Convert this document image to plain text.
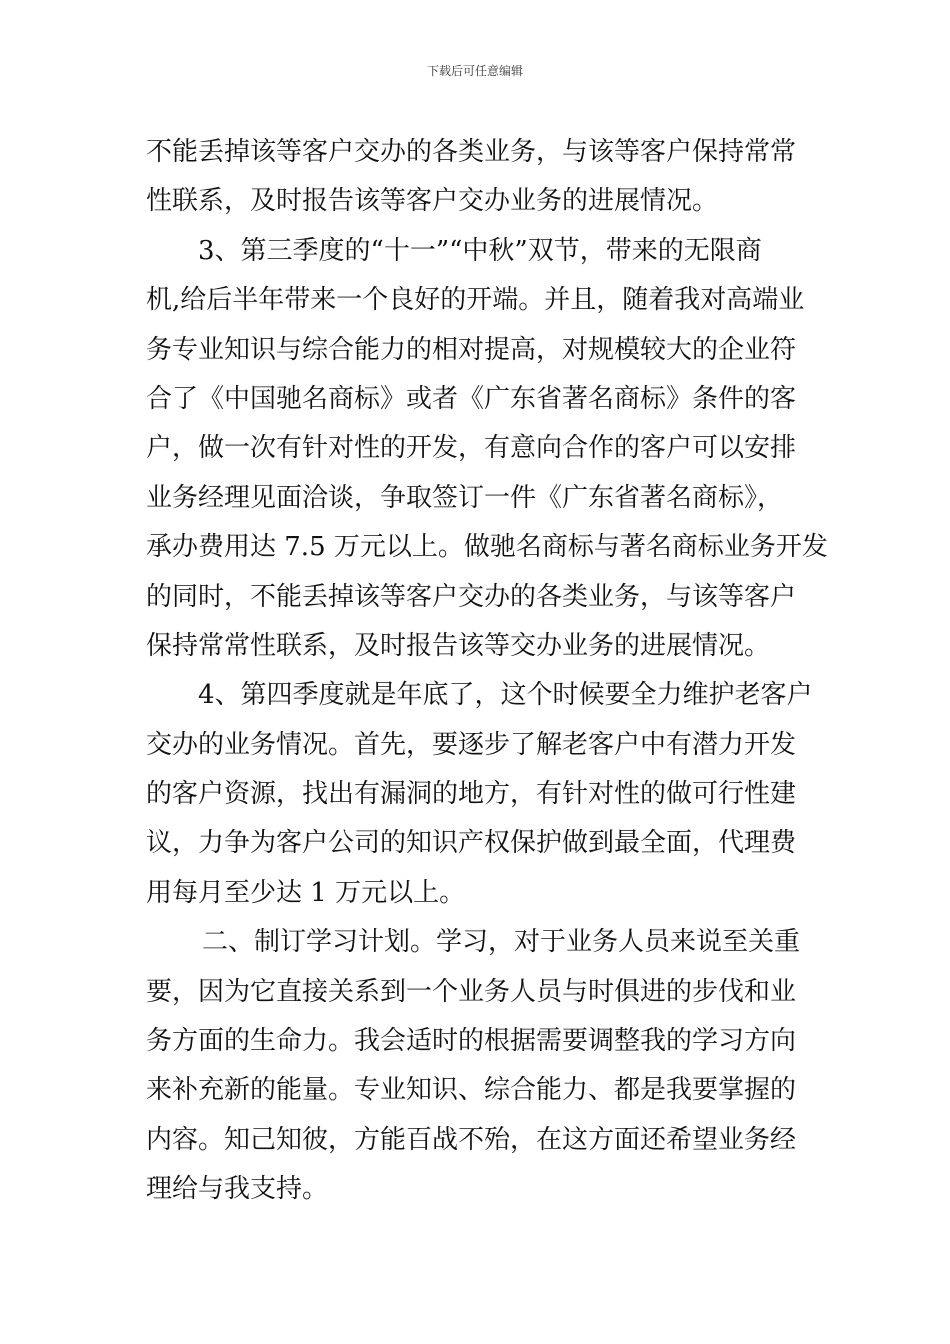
下载后可任意编辑
不能丢掉该等客户交办的各类业务，与该等客户保持常常
性联系，及时报告该等客户交办业务的进展情况。
3、第三季度的“十一”“中秋”双节，带来的无限商
机,给后半年带来一个良好的开端。并且，随着我对高端业
务专业知识与综合能力的相对提高，对规模较大的企业符
合了《中国驰名商标》或者《广东省著名商标》条件的客
户，做一次有针对性的开发，有意向合作的客户可以安排
业务经理见面洽谈，争取签订一件《广东省著名商标》，
承办费用达 7.5 万元以上。做驰名商标与著名商标业务开发
的同时，不能丢掉该等客户交办的各类业务，与该等客户
保持常常性联系，及时报告该等交办业务的进展情况。
4、第四季度就是年底了，这个时候要全力维护老客户
交办的业务情况。首先，要逐步了解老客户中有潜力开发
的客户资源，找出有漏洞的地方，有针对性的做可行性建
议，力争为客户公司的知识产权保护做到最全面，代理费
用每月至少达 1 万元以上。
二、制订学习计划。学习，对于业务人员来说至关重
要，因为它直接关系到一个业务人员与时俱进的步伐和业
务方面的生命力。我会适时的根据需要调整我的学习方向
来补充新的能量。专业知识、综合能力、都是我要掌握的
内容。知己知彼，方能百战不殆，在这方面还希望业务经
理给与我支持。
